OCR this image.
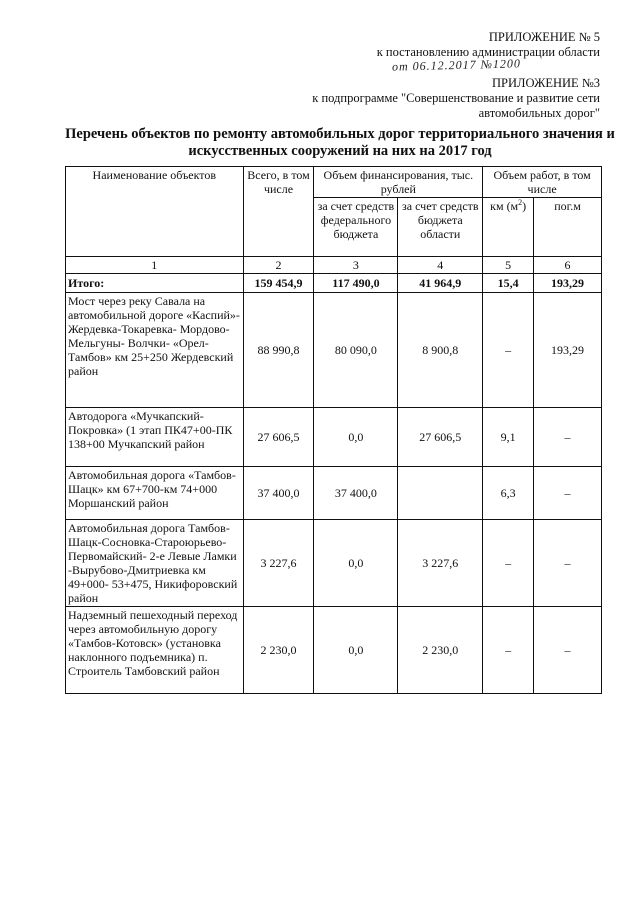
ПРИЛОЖЕНИЕ № 5
к постановлению администрации области
от 06.12.2017 №1200
ПРИЛОЖЕНИЕ №3
к подпрограмме "Совершенствование и развитие сети автомобильных дорог"
Перечень объектов по ремонту автомобильных дорог территориального значения и искусственных сооружений на них на 2017 год
Наименование объектов	Всего, в том числе	Объем финансирования, тыс. рублей		Объем работ, в том числе	
		за счет средств федерального бюджета	за счет средств бюджета области	км $(м^2)$	пог.м
1	2	3	4	5	6
Итого:	159 454,9	117 490,0	41 964,9	15,4	193,29
Мост через реку Савала на автомобильной дороге «Каспий»- Жердевка-Токаревка- Мордово-Мельгуны- Волчки- «Орел-Тамбов» км 25+250 Жердевский район	88 990,8	80 090,0	8 900,8	–	193,29
Автодорога «Мучкапский-Покровка» (1 этап ПК47+00-ПК 138+00 Мучкапский район	27 606,5	0,0	27 606,5	9,1	–
Автомобильная дорога «Тамбов- Шацк» км 67+700-км 74+000 Моршанский район	37 400,0	37 400,0		6,3	–
Автомобильная дорога Тамбов-Шацк-Сосновка-Староюрьево-Первомайский- 2-е Левые Ламки -Вырубово-Дмитриевка км 49+000- 53+475, Никифоровский район	3 227,6	0,0	3 227,6	–	–
Надземный пешеходный переход через автомобильную дорогу «Тамбов-Котовск» (установка наклонного подъемника) п. Строитель Тамбовский район	2 230,0	0,0	2 230,0	–	–
